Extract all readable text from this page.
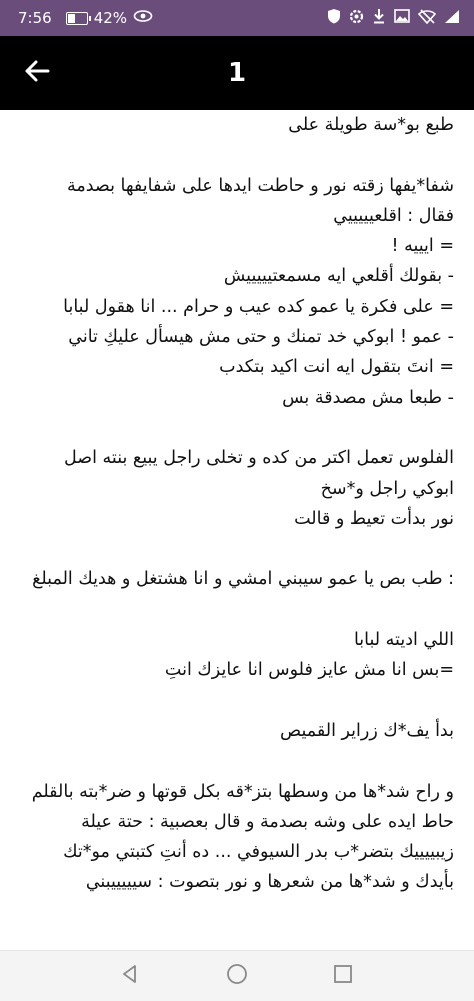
7:56	42%
1
طبع بو*سة طويلة على
شفا*يفها زقته نور و حاطت ايدها على شفايفها بصدمة
فقال : اقلعيييييي
= ايييه !
- بقولك أقلعي ايه مسمعتيييييش
= على فكرة يا عمو كده عيب و حرام ... انا هقول لبابا
- عمو ! ابوكي خد تمنك و حتى مش هيسأل عليكِ تاني
= انتَ بتقول ايه انت اكيد بتكدب
- طبعا مش مصدقة بس
الفلوس تعمل اكتر من كده و تخلى راجل يبيع بنته اصل
ابوكي راجل و*سخ
نور بدأت تعيط و قالت
: طب بص يا عمو سيبني امشي و انا هشتغل و هديك المبلغ
اللي اديته لبابا
=بس انا مش عايز فلوس انا عايزك انتِ
بدأ يف*ك زراير القميص
و راح شد*ها من وسطها بتز*قه بكل قوتها و ضر*بته بالقلم
حاط ايده على وشه بصدمة و قال بعصبية : حتة عيلة
زيبييييك بتضر*ب بدر السيوفي ... ده أنتِ كتبتي مو*تك
بأيدك و شد*ها من شعرها و نور بتصوت : سيييييبني
